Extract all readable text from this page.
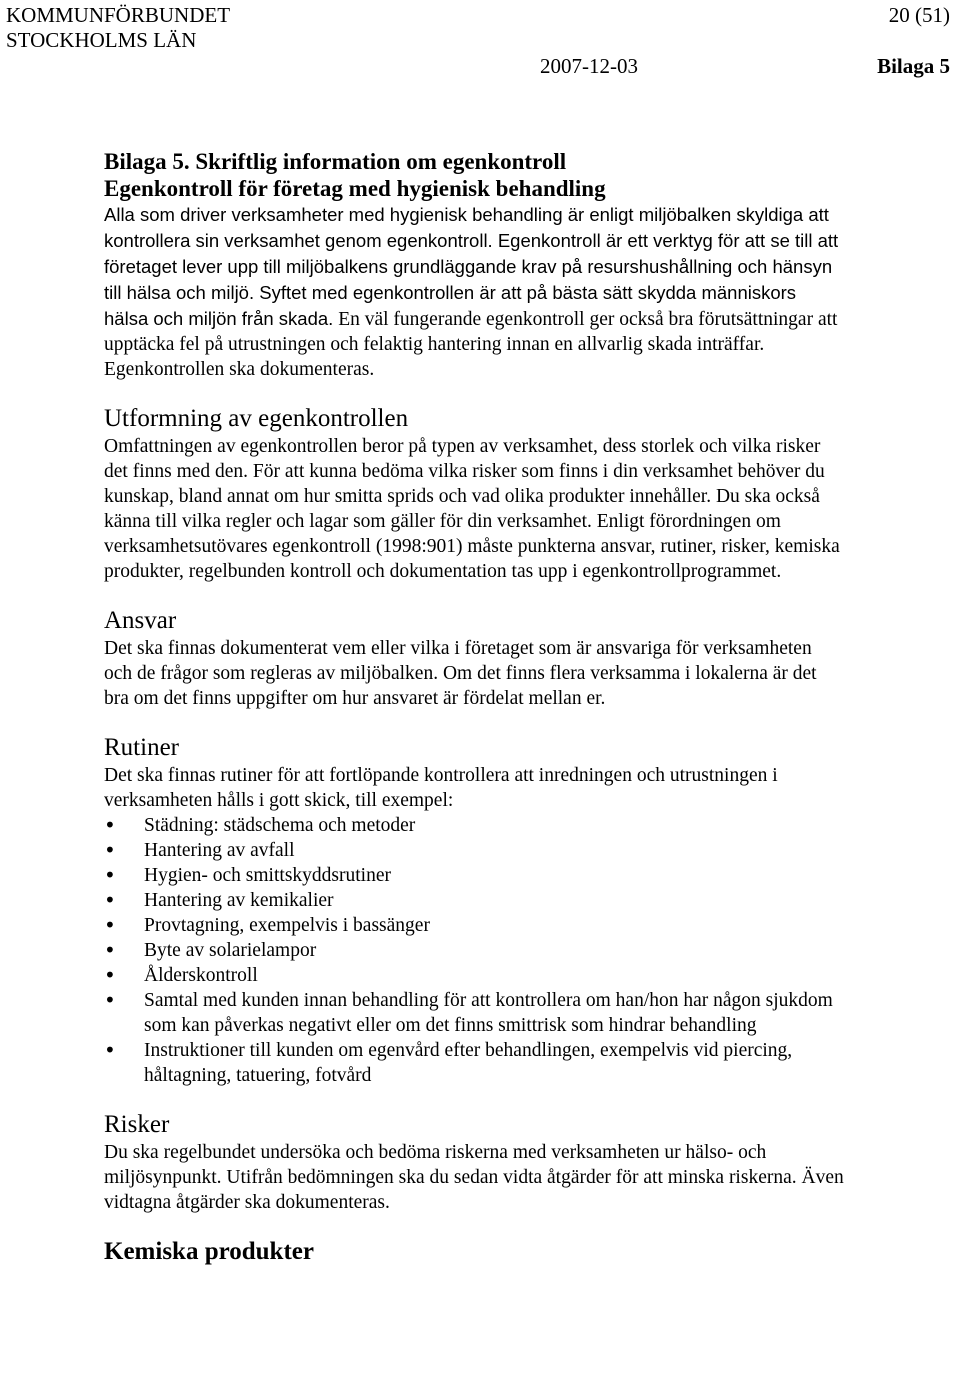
KOMMUNFÖRBUNDET
STOCKHOLMS LÄN
20 (51)
2007-12-03	Bilaga 5

Bilaga 5. Skriftlig information om egenkontroll

Egenkontroll för företag med hygienisk behandling

Alla som driver verksamheter med hygienisk behandling är enligt miljöbalken skyldiga att kontrollera sin verksamhet genom egenkontroll. Egenkontroll är ett verktyg för att se till att företaget lever upp till miljöbalkens grundläggande krav på resurshushållning och hänsyn till hälsa och miljö. Syftet med egenkontrollen är att på bästa sätt skydda människors hälsa och miljön från skada. En väl fungerande egenkontroll ger också bra förutsättningar att upptäcka fel på utrustningen och felaktig hantering innan en allvarlig skada inträffar. Egenkontrollen ska dokumenteras.

Utformning av egenkontrollen

Omfattningen av egenkontrollen beror på typen av verksamhet, dess storlek och vilka risker det finns med den. För att kunna bedöma vilka risker som finns i din verksamhet behöver du kunskap, bland annat om hur smitta sprids och vad olika produkter innehåller. Du ska också känna till vilka regler och lagar som gäller för din verksamhet. Enligt förordningen om verksamhetsutövares egenkontroll (1998:901) måste punkterna ansvar, rutiner, risker, kemiska produkter, regelbunden kontroll och dokumentation tas upp i egenkontrollprogrammet.

Ansvar

Det ska finnas dokumenterat vem eller vilka i företaget som är ansvariga för verksamheten och de frågor som regleras av miljöbalken. Om det finns flera verksamma i lokalerna är det bra om det finns uppgifter om hur ansvaret är fördelat mellan er.

Rutiner

Det ska finnas rutiner för att fortlöpande kontrollera att inredningen och utrustningen i verksamheten hålls i gott skick, till exempel:

• Städning: städschema och metoder
• Hantering av avfall
• Hygien- och smittskyddsrutiner
• Hantering av kemikalier
• Provtagning, exempelvis i bassänger
• Byte av solarielampor
• Ålderskontroll
• Samtal med kunden innan behandling för att kontrollera om han/hon har någon sjukdom som kan påverkas negativt eller om det finns smittrisk som hindrar behandling
• Instruktioner till kunden om egenvård efter behandlingen, exempelvis vid piercing, håltagning, tatuering, fotvård
Risker

Du ska regelbundet undersöka och bedöma riskerna med verksamheten ur hälso- och miljösynpunkt. Utifrån bedömningen ska du sedan vidta åtgärder för att minska riskerna. Även vidtagna åtgärder ska dokumenteras.

Kemiska produkter
